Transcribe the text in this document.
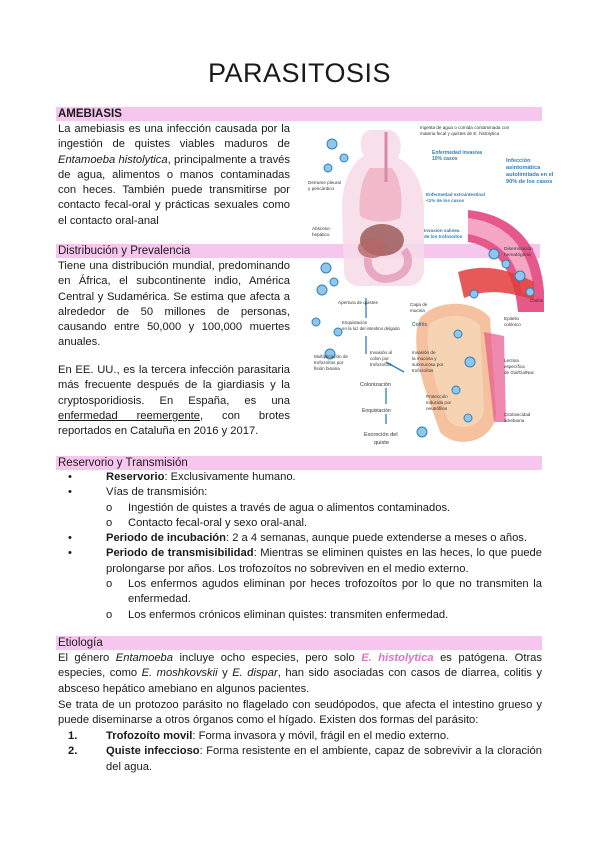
PARASITOSIS
AMEBIASIS
La amebiasis es una infección causada por la ingestión de quistes viables maduros de Entamoeba histolytica, principalmente a través de agua, alimentos o manos contaminadas con heces. También puede transmitirse por contacto fecal-oral y prácticas sexuales como el contacto oral-anal
Distribución y Prevalencia
Tiene una distribución mundial, predominando en África, el subcontinente indio, América Central y Sudamérica. Se estima que afecta a alrededor de 50 millones de personas, causando entre 50,000 y 100,000 muertes anuales.
En EE. UU., es la tercera infección parasitaria más frecuente después de la giardiasis y la cryptosporidiosis. En España, es una enfermedad reemergente, con brotes reportados en Cataluña en 2016 y 2017.
Ingesta de agua o comida contaminada con
materia fecal y quistes de E. histolytica
Enfermedad invasiva
10% casos	Infección
asintomática
autolimitada en el
90% de los casos
Derrame pleural
y pericárdico
Enfermedad extraintestinal
<1% de los casos
Absceso
hepático
Invasión salinea
de los trofozoítos
Diseminación
hematógena
Colitis
Apertura de quistes	Capa de
mucina
Colitis
Epitelio
colónico
Enquistación
en la luz del intestino delgado
Multiplicación de
trofozoítos por
fisión binaria
Invasión al
colon por
trofozoítos
Invasión de
la mucosa y
submucosa por
trofozoítos
Lectina
específica
de Gal/GalNac
Colonización
Protección
inducida por
neutrófilos
Enquistación
Citotoxicidad
amebiana
Excreción del
quiste
Reservorio y Transmisión
•	Reservorio: Exclusivamente humano.
•	Vías de transmisión:
o Ingestión de quistes a través de agua o alimentos contaminados.
o Contacto fecal-oral y sexo oral-anal.
•	Periodo de incubación: 2 a 4 semanas, aunque puede extenderse a meses o años.
•	Periodo de transmisibilidad: Mientras se eliminen quistes en las heces, lo que puede prolongarse por años. Los trofozoítos no sobreviven en el medio externo.
o Los enfermos agudos eliminan por heces trofozoítos por lo que no transmiten la enfermedad.
o Los enfermos crónicos eliminan quistes: transmiten enfermedad.
Etiología
El género Entamoeba incluye ocho especies, pero solo E. histolytica es patógena. Otras especies, como E. moshkovskii y E. dispar, han sido asociadas con casos de diarrea, colitis y absceso hepático amebiano en algunos pacientes.
Se trata de un protozoo parásito no flagelado con seudópodos, que afecta el intestino grueso y puede diseminarse a otros órganos como el hígado. Existen dos formas del parásito:
1.	Trofozoíto movil: Forma invasora y móvil, frágil en el medio externo.
2.	Quiste infeccioso: Forma resistente en el ambiente, capaz de sobrevivir a la cloración del agua.
